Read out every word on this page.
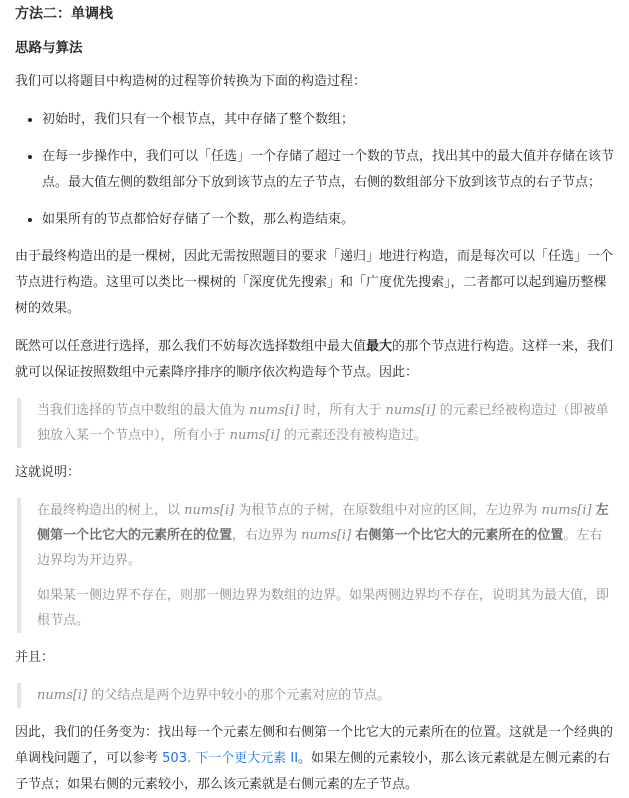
方法二：单调栈
思路与算法

我们可以将题目中构造树的过程等价转换为下面的构造过程：

• 初始时，我们只有一个根节点，其中存储了整个数组；
• 在每一步操作中，我们可以「任选」一个存储了超过一个数的节点，找出其中的最大值并存储在该节点。最大值左侧的数组部分下放到该节点的左子节点，右侧的数组部分下放到该节点的右子节点；
• 如果所有的节点都恰好存储了一个数，那么构造结束。

由于最终构造出的是一棵树，因此无需按照题目的要求「递归」地进行构造，而是每次可以「任选」一个节点进行构造。这里可以类比一棵树的「深度优先搜索」和「广度优先搜索」，二者都可以起到遍历整棵树的效果。

既然可以任意进行选择，那么我们不妨每次选择数组中最大值最大的那个节点进行构造。这样一来，我们就可以保证按照数组中元素降序排序的顺序依次构造每个节点。因此：

当我们选择的节点中数组的最大值为 nums[i] 时，所有大于 nums[i] 的元素已经被构造过（即被单独放入某一个节点中），所有小于 nums[i] 的元素还没有被构造过。

这就说明：

在最终构造出的树上，以 nums[i] 为根节点的子树，在原数组中对应的区间，左边界为 nums[i] 左侧第一个比它大的元素所在的位置，右边界为 nums[i] 右侧第一个比它大的元素所在的位置。左右边界均为开边界。

如果某一侧边界不存在，则那一侧边界为数组的边界。如果两侧边界均不存在，说明其为最大值，即根节点。

并且：

nums[i] 的父结点是两个边界中较小的那个元素对应的节点。

因此，我们的任务变为：找出每一个元素左侧和右侧第一个比它大的元素所在的位置。这就是一个经典的单调栈问题了，可以参考 503. 下一个更大元素 II。如果左侧的元素较小，那么该元素就是左侧元素的右子节点；如果右侧的元素较小，那么该元素就是右侧元素的左子节点。
